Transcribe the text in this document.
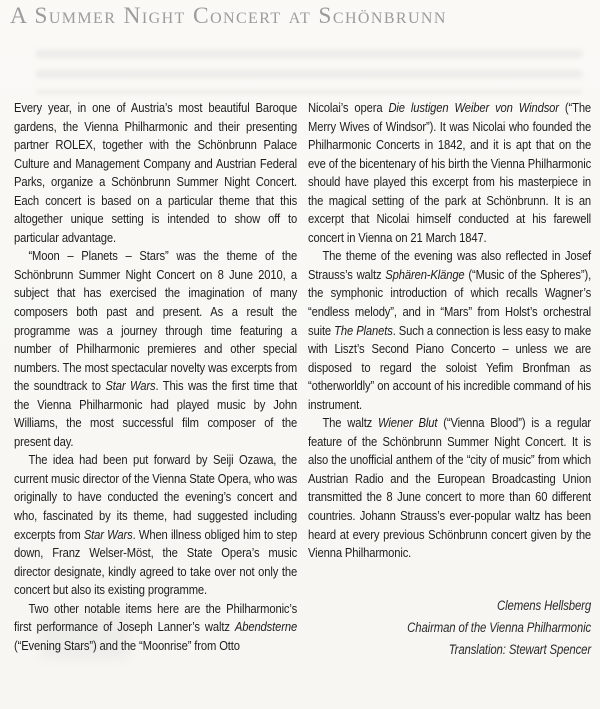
A Summer Night Concert at Schönbrunn

Every year, in one of Austria’s most beautiful Baroque gardens, the Vienna Philharmonic and their presenting partner ROLEX, together with the Schönbrunn Palace Culture and Management Company and Austrian Federal Parks, organize a Schönbrunn Summer Night Concert. Each concert is based on a particular theme that this altogether unique setting is intended to show off to particular advantage.

“Moon – Planets – Stars” was the theme of the Schönbrunn Summer Night Concert on 8 June 2010, a subject that has exercised the imagination of many composers both past and present. As a result the programme was a journey through time featuring a number of Philharmonic premieres and other special numbers. The most spectacular novelty was excerpts from the soundtrack to Star Wars. This was the first time that the Vienna Philharmonic had played music by John Williams, the most successful film composer of the present day.

The idea had been put forward by Seiji Ozawa, the current music director of the Vienna State Opera, who was originally to have conducted the evening’s concert and who, fascinated by its theme, had suggested including excerpts from Star Wars. When illness obliged him to step down, Franz Welser-Möst, the State Opera’s music director designate, kindly agreed to take over not only the concert but also its existing programme.

Two other notable items here are the Philharmonic’s first performance of Joseph Lanner’s waltz Abendsterne (“Evening Stars”) and the “Moonrise” from Otto

Nicolai’s opera Die lustigen Weiber von Windsor (“The Merry Wives of Windsor”). It was Nicolai who founded the Philharmonic Concerts in 1842, and it is apt that on the eve of the bicentenary of his birth the Vienna Philharmonic should have played this excerpt from his masterpiece in the magical setting of the park at Schönbrunn. It is an excerpt that Nicolai himself conducted at his farewell concert in Vienna on 21 March 1847.

The theme of the evening was also reflected in Josef Strauss’s waltz Sphären-Klänge (“Music of the Spheres”), the symphonic introduction of which recalls Wagner’s “endless melody”, and in “Mars” from Holst’s orchestral suite The Planets. Such a connection is less easy to make with Liszt’s Second Piano Concerto – unless we are disposed to regard the soloist Yefim Bronfman as “otherworldly” on account of his incredible command of his instrument.

The waltz Wiener Blut (“Vienna Blood”) is a regular feature of the Schönbrunn Summer Night Concert. It is also the unofficial anthem of the “city of music” from which Austrian Radio and the European Broadcasting Union transmitted the 8 June concert to more than 60 different countries. Johann Strauss’s ever-popular waltz has been heard at every previous Schönbrunn concert given by the Vienna Philharmonic.

Clemens Hellsberg
Chairman of the Vienna Philharmonic
Translation: Stewart Spencer
